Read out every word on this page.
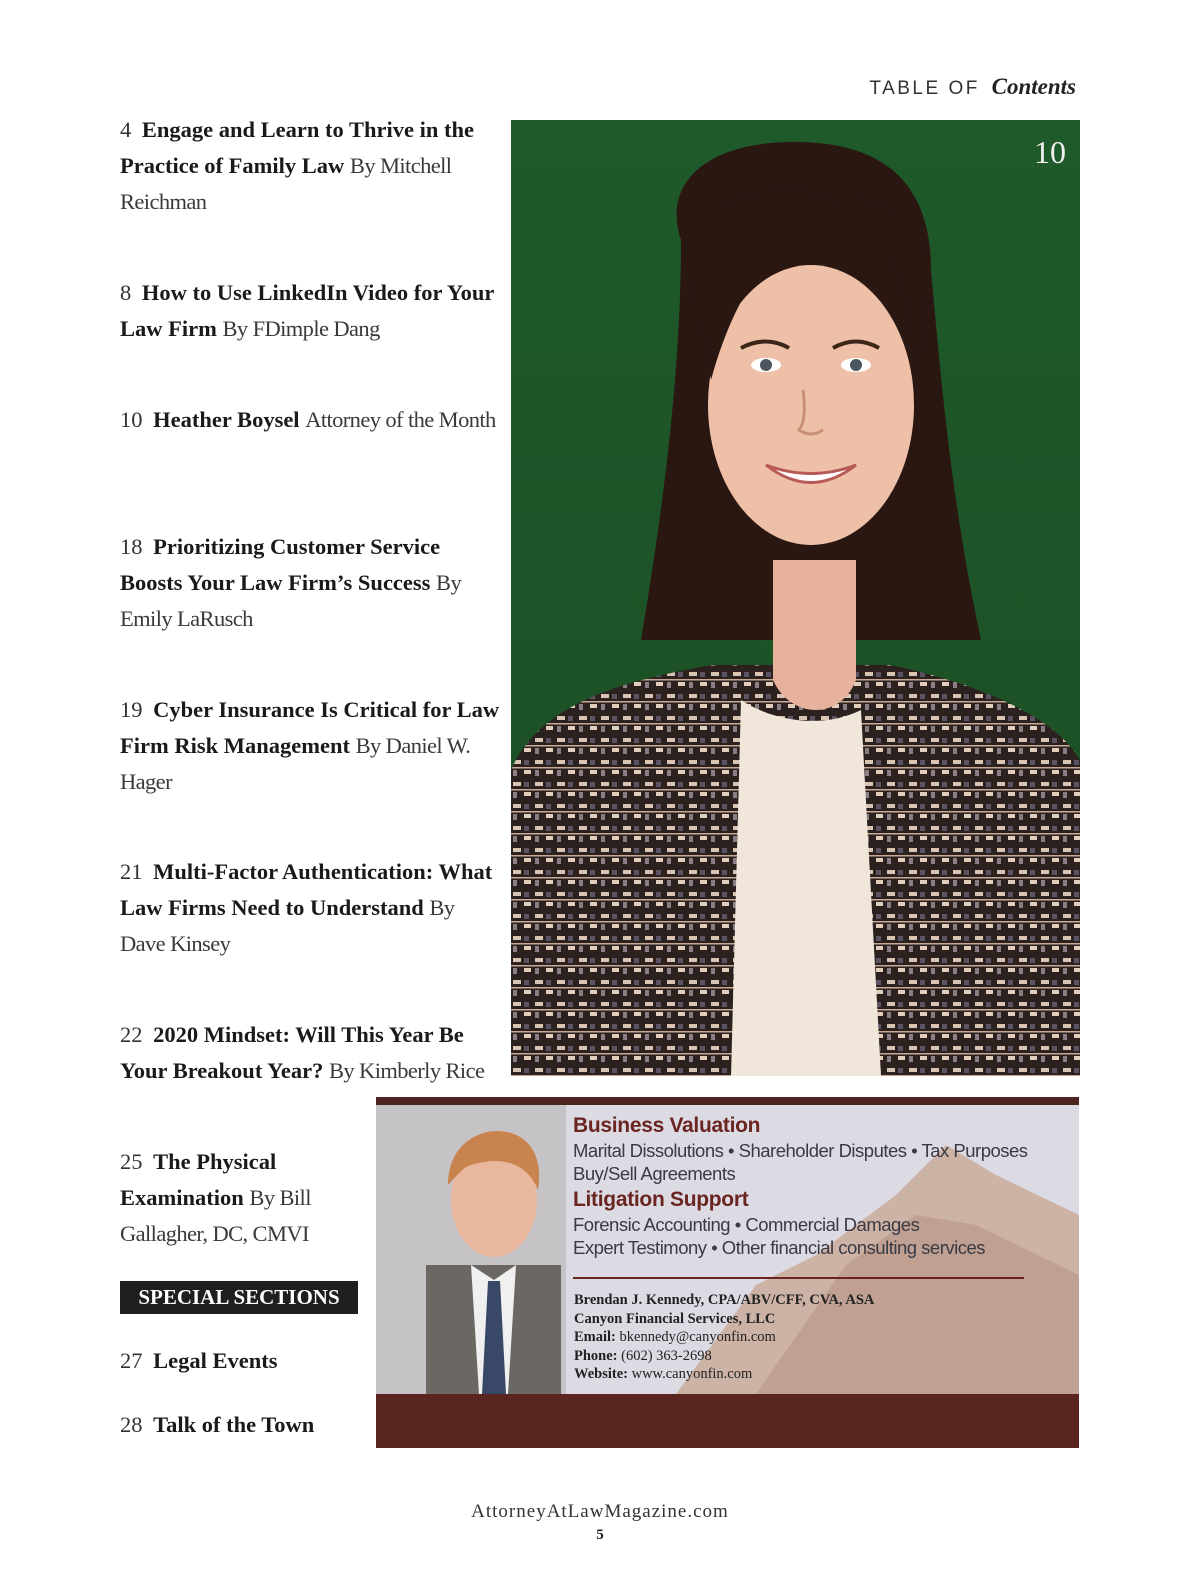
TABLE OF Contents
4 Engage and Learn to Thrive in the Practice of Family Law By Mitchell Reichman
8 How to Use LinkedIn Video for Your Law Firm By FDimple Dang
10 Heather Boysel Attorney of the Month
18 Prioritizing Customer Service Boosts Your Law Firm’s Success By Emily LaRusch
19 Cyber Insurance Is Critical for Law Firm Risk Management By Daniel W. Hager
21 Multi-Factor Authentication: What Law Firms Need to Understand By Dave Kinsey
22 2020 Mindset: Will This Year Be Your Breakout Year? By Kimberly Rice
25 The Physical Examination By Bill Gallagher, DC, CMVI
27 Legal Events
28 Talk of the Town
SPECIAL SECTIONS
10
Business Valuation
Marital Dissolutions • Shareholder Disputes • Tax Purposes
Buy/Sell Agreements
Litigation Support
Forensic Accounting • Commercial Damages
Expert Testimony • Other financial consulting services
Brendan J. Kennedy, CPA/ABV/CFF, CVA, ASA
Canyon Financial Services, LLC
Email: bkennedy@canyonfin.com
Phone: (602) 363-2698
Website: www.canyonfin.com
AttorneyAtLawMagazine.com
5
